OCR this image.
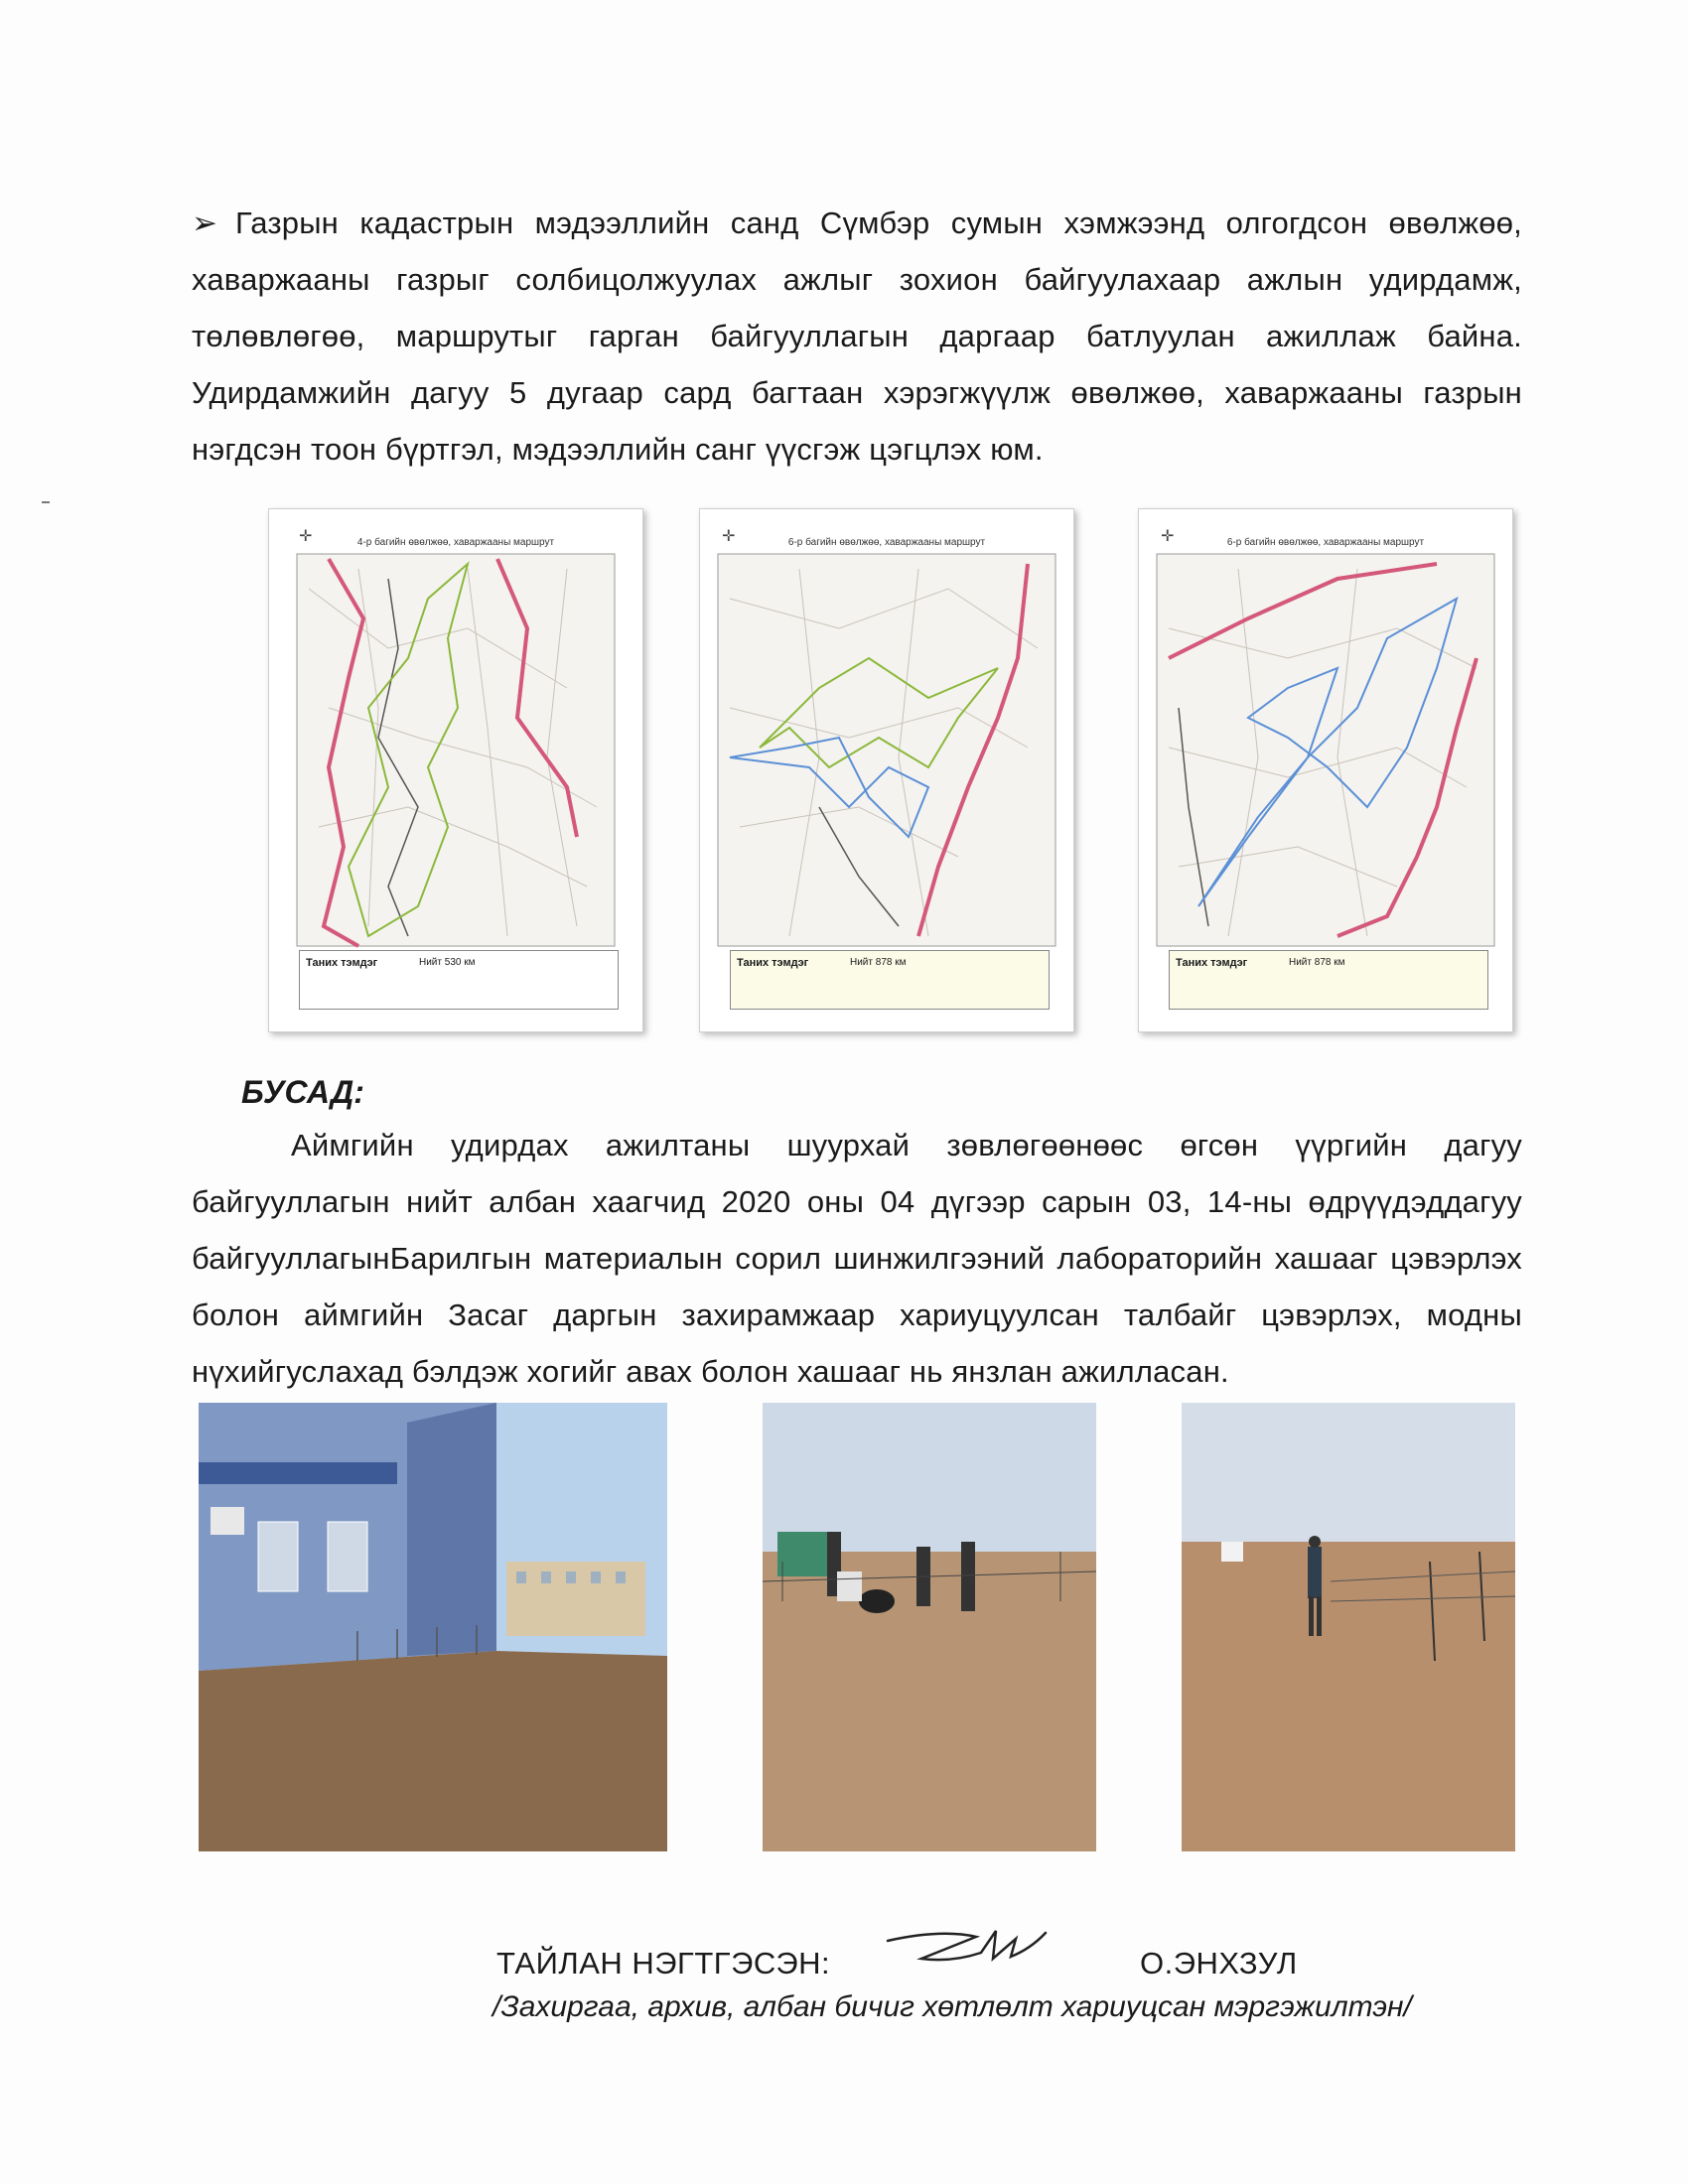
➢ Газрын кадастрын мэдээллийн санд Сүмбэр сумын хэмжээнд олгогдсон өвөлжөө, хаваржааны газрыг солбицолжуулах ажлыг зохион байгуулахаар ажлын удирдамж, төлөвлөгөө, маршрутыг гарган байгууллагын даргаар батлуулан ажиллаж байна. Удирдамжийн дагуу 5 дугаар сард багтаан хэрэгжүүлж өвөлжөө, хаваржааны газрын нэгдсэн тоон бүртгэл, мэдээллийн санг үүсгэж цэгцлэх юм.
✛	4-р багийн өвөлжөө, хаваржааны маршрут
Таних тэмдэг	Нийт 530 км
✛	6-р багийн өвөлжөө, хаваржааны маршрут
Таних тэмдэг	Нийт 878 км
✛	6-р багийн өвөлжөө, хаваржааны маршрут
Таних тэмдэг	Нийт 878 км
БУСАД:
Аймгийн удирдах ажилтаны шуурхай зөвлөгөөнөөс өгсөн үүргийн дагуу байгууллагын нийт албан хаагчид 2020 оны 04 дүгээр сарын 03, 14-ны өдрүүдэддагуу байгууллагынБарилгын материалын сорил шинжилгээний лабораторийн хашааг цэвэрлэх болон аймгийн Засаг даргын захирамжаар хариуцуулсан талбайг цэвэрлэх, модны нүхийгуслахад бэлдэж хогийг авах болон хашааг нь янзлан ажилласан.
ТАЙЛАН НЭГТГЭСЭН:	О.ЭНХЗУЛ
/Захиргаа, архив, албан бичиг хөтлөлт хариуцсан мэргэжилтэн/
